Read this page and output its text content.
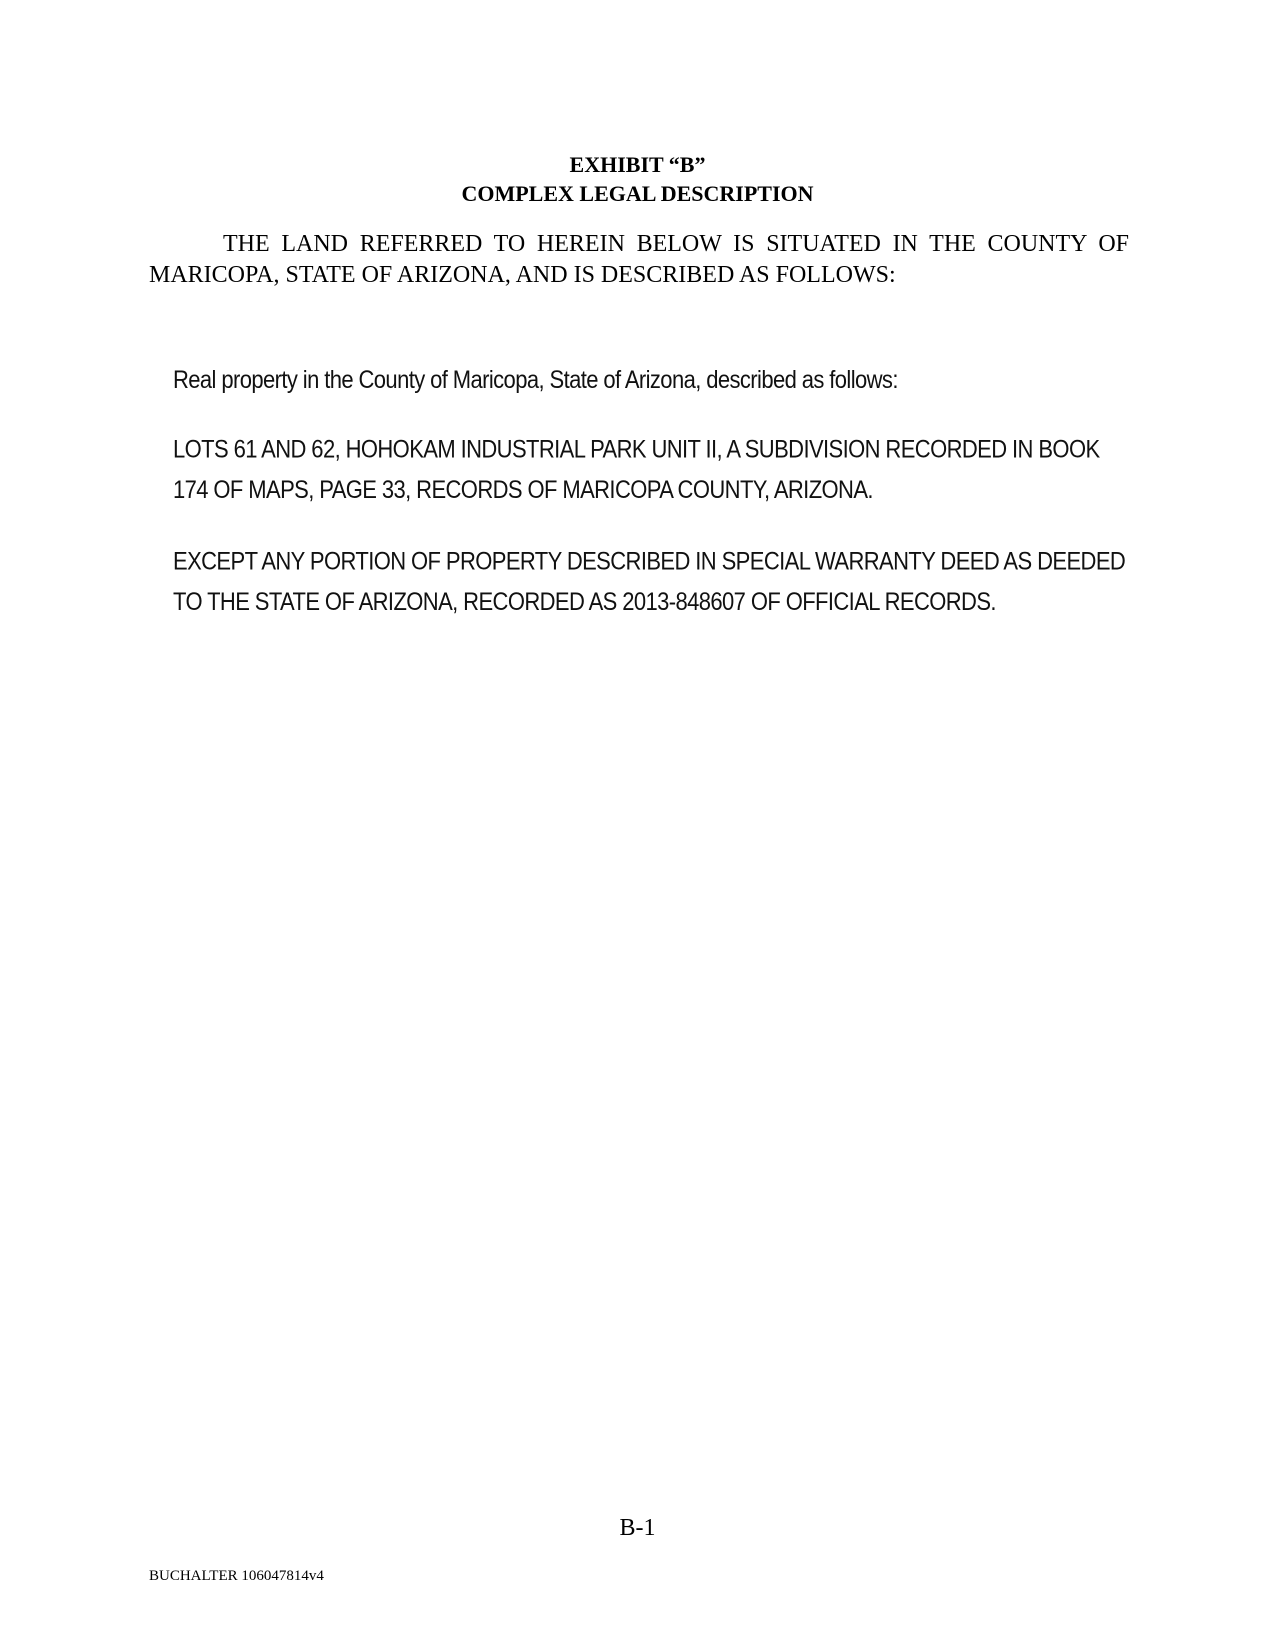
EXHIBIT “B”
COMPLEX LEGAL DESCRIPTION
THE LAND REFERRED TO HEREIN BELOW IS SITUATED IN THE COUNTY OF MARICOPA, STATE OF ARIZONA, AND IS DESCRIBED AS FOLLOWS:

Real property in the County of Maricopa, State of Arizona, described as follows:

LOTS 61 AND 62, HOHOKAM INDUSTRIAL PARK UNIT II, A SUBDIVISION RECORDED IN BOOK 174 OF MAPS, PAGE 33, RECORDS OF MARICOPA COUNTY, ARIZONA.

EXCEPT ANY PORTION OF PROPERTY DESCRIBED IN SPECIAL WARRANTY DEED AS DEEDED TO THE STATE OF ARIZONA, RECORDED AS 2013-848607 OF OFFICIAL RECORDS.

B-1
BUCHALTER 106047814v4
